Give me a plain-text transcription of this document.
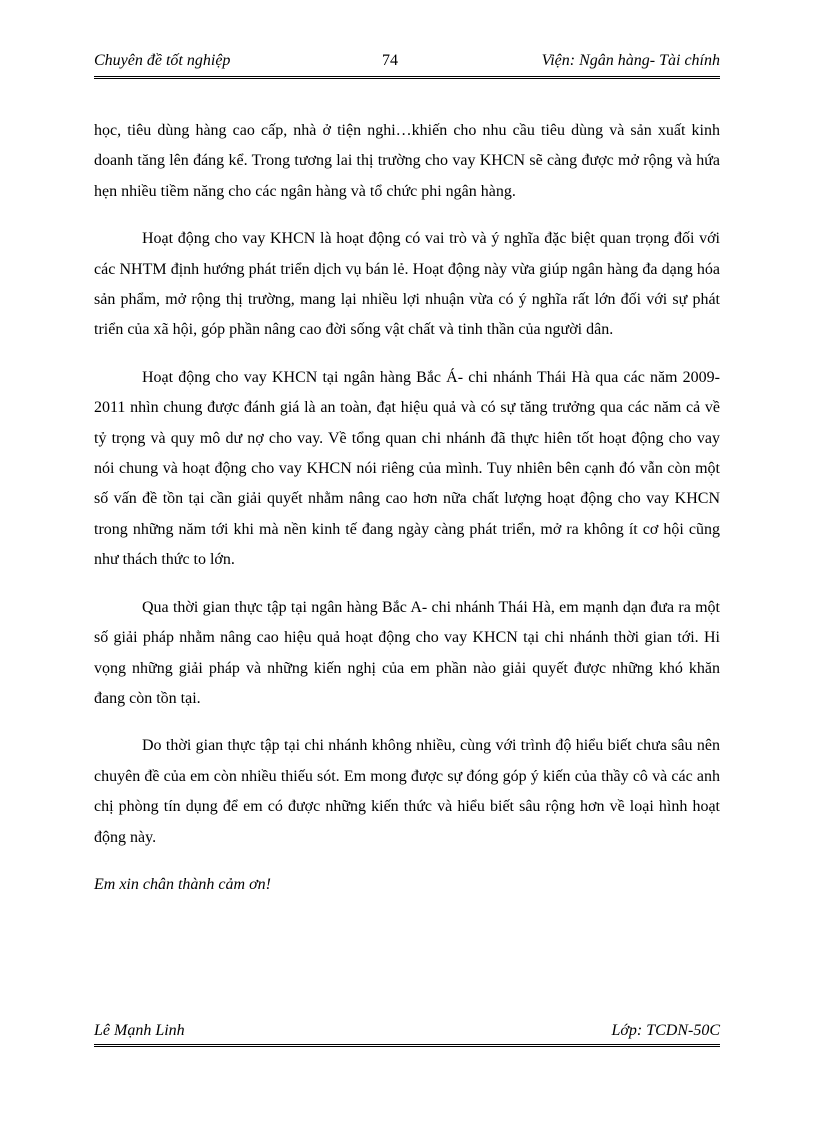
Chuyên đề tốt nghiệp	74	Viện: Ngân hàng- Tài chính

học, tiêu dùng hàng cao cấp, nhà ở tiện nghi…khiến cho nhu cầu tiêu dùng và sản xuất kinh doanh tăng lên đáng kể. Trong tương lai thị trường cho vay KHCN sẽ càng được mở rộng và hứa hẹn nhiều tiềm năng cho các ngân hàng và tổ chức phi ngân hàng.

Hoạt động cho vay KHCN là hoạt động có vai trò và ý nghĩa đặc biệt quan trọng đối với các NHTM định hướng phát triển dịch vụ bán lẻ. Hoạt động này vừa giúp ngân hàng đa dạng hóa sản phẩm, mở rộng thị trường, mang lại nhiều lợi nhuận vừa có ý nghĩa rất lớn đối với sự phát triển của xã hội, góp phần nâng cao đời sống vật chất và tinh thần của người dân.

Hoạt động cho vay KHCN tại ngân hàng Bắc Á- chi nhánh Thái Hà qua các năm 2009- 2011 nhìn chung được đánh giá là an toàn, đạt hiệu quả và có sự tăng trưởng qua các năm cả về tỷ trọng và quy mô dư nợ cho vay. Về tổng quan chi nhánh đã thực hiên tốt hoạt động cho vay nói chung và hoạt động cho vay KHCN nói riêng của mình. Tuy nhiên bên cạnh đó vẫn còn một số vấn đề tồn tại cần giải quyết nhằm nâng cao hơn nữa chất lượng hoạt động cho vay KHCN trong những năm tới khi mà nền kinh tế đang ngày càng phát triển, mở ra không ít cơ hội cũng như thách thức to lớn.

Qua thời gian thực tập tại ngân hàng Bắc A- chi nhánh Thái Hà, em mạnh dạn đưa ra một số giải pháp nhằm nâng cao hiệu quả hoạt động cho vay KHCN tại chi nhánh thời gian tới. Hi vọng những giải pháp và những kiến nghị của em phần nào giải quyết được những khó khăn đang còn tồn tại.

Do thời gian thực tập tại chi nhánh không nhiều, cùng với trình độ hiểu biết chưa sâu nên chuyên đề của em còn nhiều thiếu sót. Em mong được sự đóng góp ý kiến của thầy cô và các anh chị phòng tín dụng để em có được những kiến thức và hiểu biết sâu rộng hơn về loại hình hoạt động này.

Em xin chân thành cảm ơn!

Lê Mạnh Linh	Lớp: TCDN-50C
